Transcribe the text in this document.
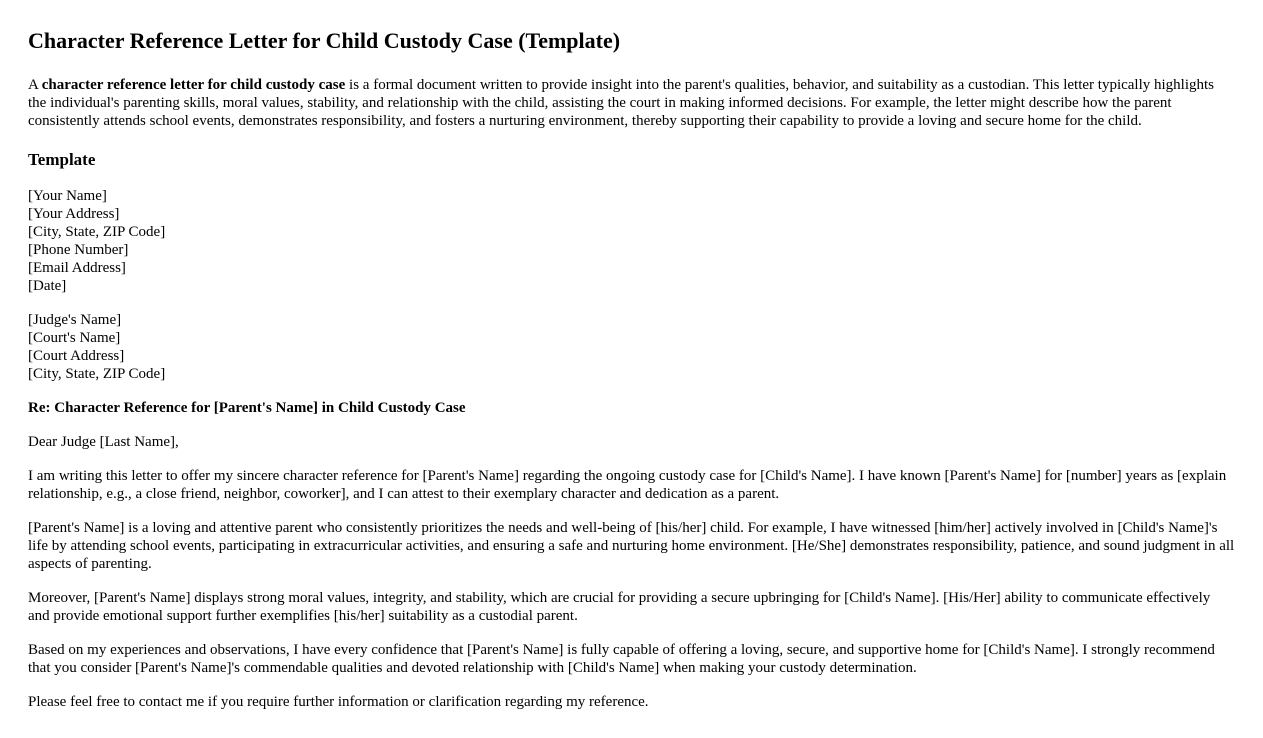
Character Reference Letter for Child Custody Case (Template)

A character reference letter for child custody case is a formal document written to provide insight into the parent's qualities, behavior, and suitability as a custodian. This letter typically highlights the individual's parenting skills, moral values, stability, and relationship with the child, assisting the court in making informed decisions. For example, the letter might describe how the parent consistently attends school events, demonstrates responsibility, and fosters a nurturing environment, thereby supporting their capability to provide a loving and secure home for the child.

Template
[Your Name]
[Your Address]
[City, State, ZIP Code]
[Phone Number]
[Email Address]
[Date]
[Judge's Name]
[Court's Name]
[Court Address]
[City, State, ZIP Code]

Re: Character Reference for [Parent's Name] in Child Custody Case

Dear Judge [Last Name],

I am writing this letter to offer my sincere character reference for [Parent's Name] regarding the ongoing custody case for [Child's Name]. I have known [Parent's Name] for [number] years as [explain relationship, e.g., a close friend, neighbor, coworker], and I can attest to their exemplary character and dedication as a parent.

[Parent's Name] is a loving and attentive parent who consistently prioritizes the needs and well-being of [his/her] child. For example, I have witnessed [him/her] actively involved in [Child's Name]'s life by attending school events, participating in extracurricular activities, and ensuring a safe and nurturing home environment. [He/She] demonstrates responsibility, patience, and sound judgment in all aspects of parenting.

Moreover, [Parent's Name] displays strong moral values, integrity, and stability, which are crucial for providing a secure upbringing for [Child's Name]. [His/Her] ability to communicate effectively and provide emotional support further exemplifies [his/her] suitability as a custodial parent.

Based on my experiences and observations, I have every confidence that [Parent's Name] is fully capable of offering a loving, secure, and supportive home for [Child's Name]. I strongly recommend that you consider [Parent's Name]'s commendable qualities and devoted relationship with [Child's Name] when making your custody determination.

Please feel free to contact me if you require further information or clarification regarding my reference.
